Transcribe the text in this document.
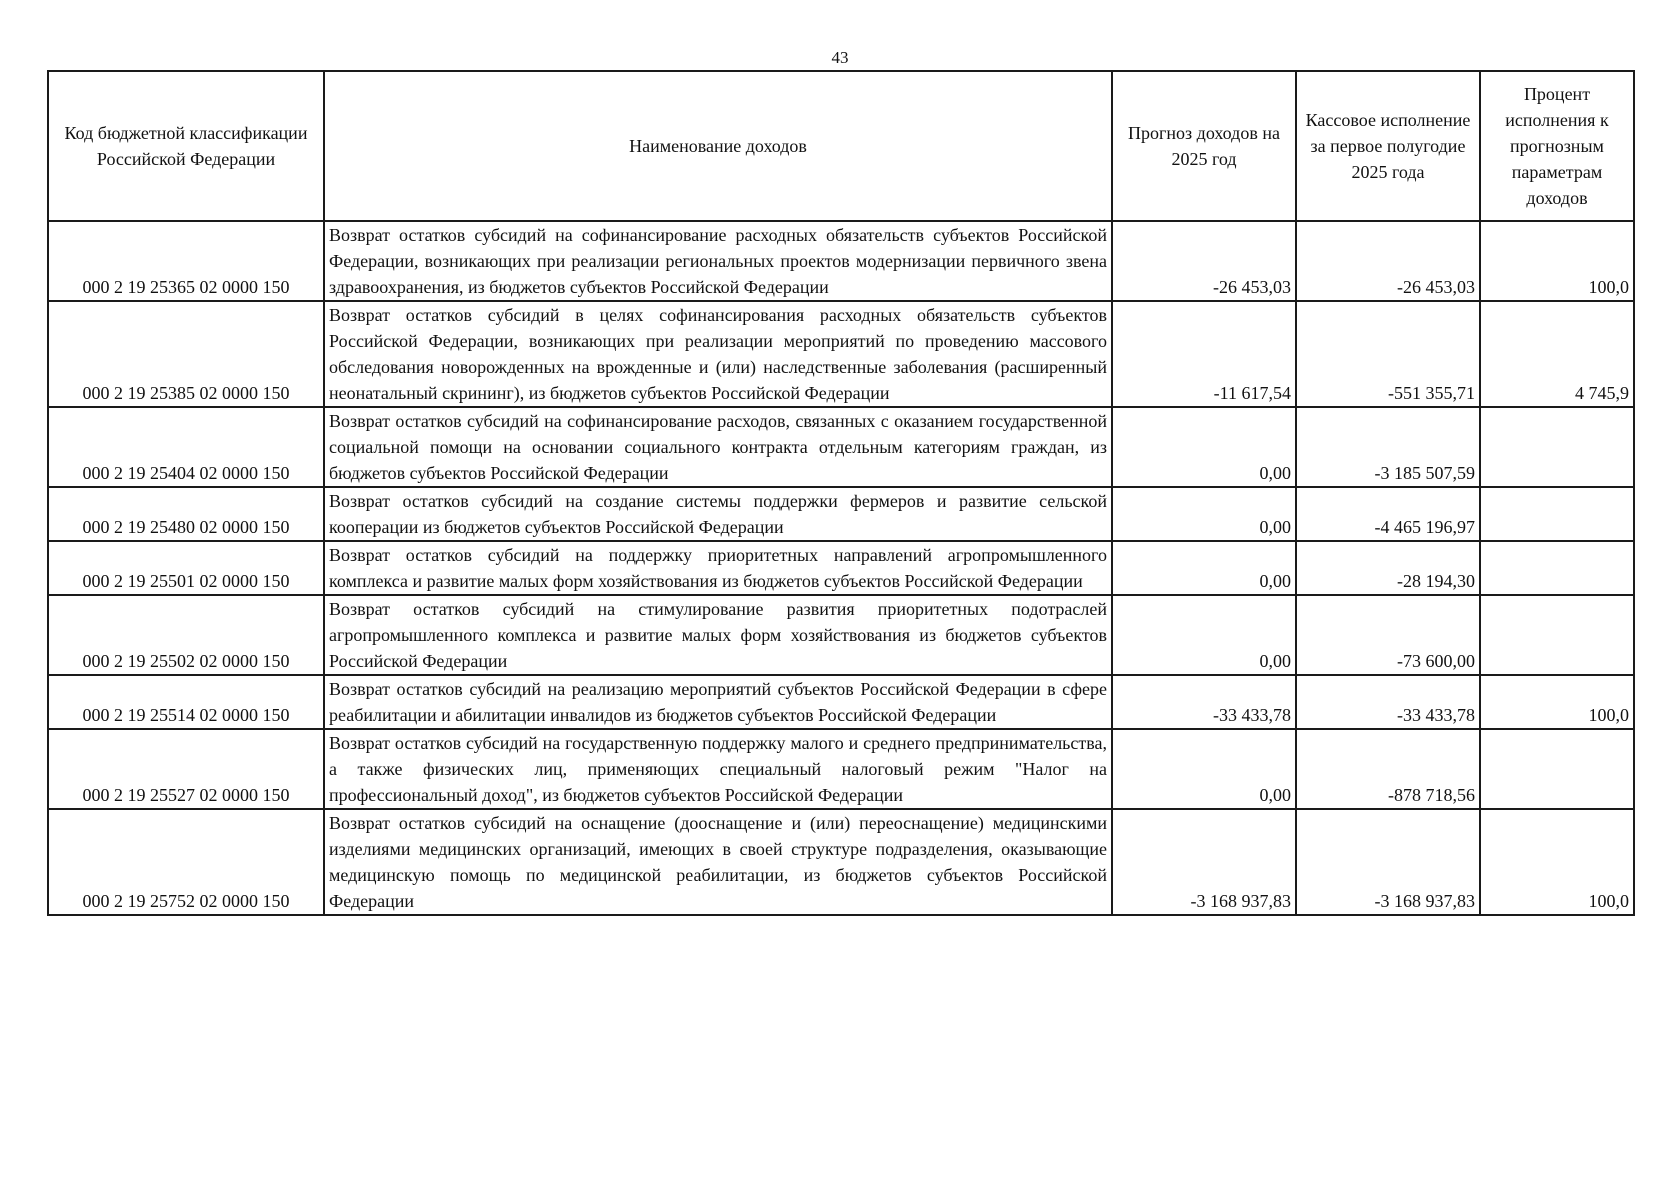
43
Код бюджетной классификации Российской Федерации	Наименование доходов	Прогноз доходов на 2025 год	Кассовое исполнение за первое полугодие 2025 года	Процент исполнения к прогнозным параметрам доходов
000 2 19 25365 02 0000 150	Возврат остатков субсидий на софинансирование расходных обязательств субъектов Российской Федерации, возникающих при реализации региональных проектов модернизации первичного звена здравоохранения, из бюджетов субъектов Российской Федерации	-26 453,03	-26 453,03	100,0
000 2 19 25385 02 0000 150	Возврат остатков субсидий в целях софинансирования расходных обязательств субъектов Российской Федерации, возникающих при реализации мероприятий по проведению массового обследования новорожденных на врожденные и (или) наследственные заболевания (расширенный неонатальный скрининг), из бюджетов субъектов Российской Федерации	-11 617,54	-551 355,71	4 745,9
000 2 19 25404 02 0000 150	Возврат остатков субсидий на софинансирование расходов, связанных с оказанием государственной социальной помощи на основании социального контракта отдельным категориям граждан, из бюджетов субъектов Российской Федерации	0,00	-3 185 507,59	
000 2 19 25480 02 0000 150	Возврат остатков субсидий на создание системы поддержки фермеров и развитие сельской кооперации из бюджетов субъектов Российской Федерации	0,00	-4 465 196,97	
000 2 19 25501 02 0000 150	Возврат остатков субсидий на поддержку приоритетных направлений агропромышленного комплекса и развитие малых форм хозяйствования из бюджетов субъектов Российской Федерации	0,00	-28 194,30	
000 2 19 25502 02 0000 150	Возврат остатков субсидий на стимулирование развития приоритетных подотраслей агропромышленного комплекса и развитие малых форм хозяйствования из бюджетов субъектов Российской Федерации	0,00	-73 600,00	
000 2 19 25514 02 0000 150	Возврат остатков субсидий на реализацию мероприятий субъектов Российской Федерации в сфере реабилитации и абилитации инвалидов из бюджетов субъектов Российской Федерации	-33 433,78	-33 433,78	100,0
000 2 19 25527 02 0000 150	Возврат остатков субсидий на государственную поддержку малого и среднего предпринимательства, а также физических лиц, применяющих специальный налоговый режим "Налог на профессиональный доход", из бюджетов субъектов Российской Федерации	0,00	-878 718,56	
000 2 19 25752 02 0000 150	Возврат остатков субсидий на оснащение (дооснащение и (или) переоснащение) медицинскими изделиями медицинских организаций, имеющих в своей структуре подразделения, оказывающие медицинскую помощь по медицинской реабилитации, из бюджетов субъектов Российской Федерации	-3 168 937,83	-3 168 937,83	100,0
